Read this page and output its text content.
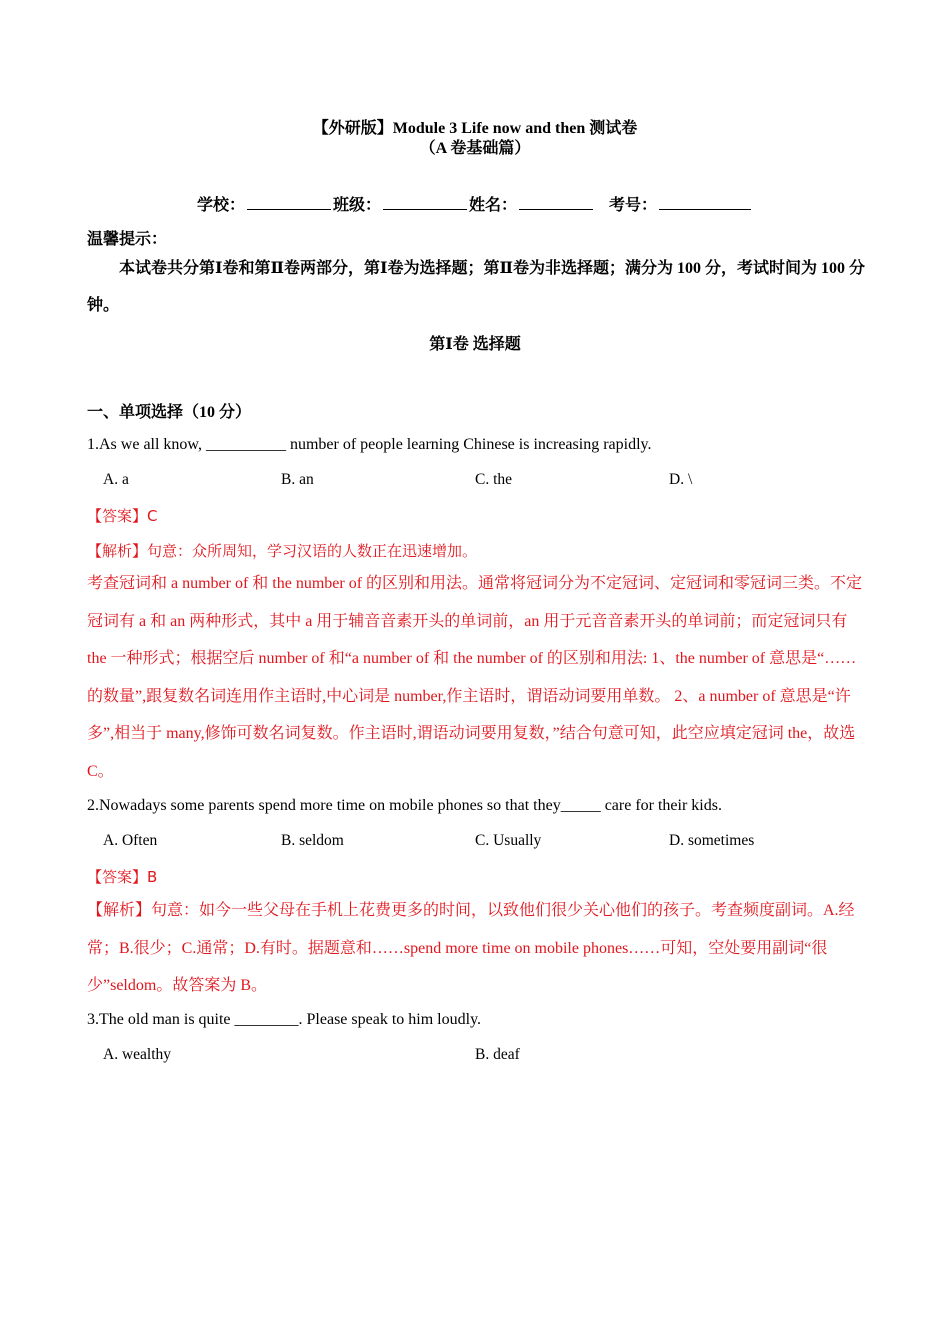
【外研版】Module 3 Life now and then 测试卷
（A 卷基础篇）
学校：	班级：	姓名：	考号：
温馨提示：
本试卷共分第Ⅰ卷和第Ⅱ卷两部分，第Ⅰ卷为选择题；第Ⅱ卷为非选择题；满分为 100 分，考试时间为 100 分钟。
第Ⅰ卷 选择题
一、单项选择（10 分）
1.As we all know, __________ number of people learning Chinese is increasing rapidly.
A. a	B. an	C. the	D. \
【答案】C
【解析】句意：众所周知，学习汉语的人数正在迅速增加。
考查冠词和 a number of 和 the number of 的区别和用法。通常将冠词分为不定冠词、定冠词和零冠词三类。不定冠词有 a 和 an 两种形式，其中 a 用于辅音音素开头的单词前，an 用于元音音素开头的单词前；而定冠词只有 the 一种形式；根据空后 number of 和“a number of 和 the number of 的区别和用法: 1、the number of 意思是“……的数量”,跟复数名词连用作主语时,中心词是 number,作主语时，谓语动词要用单数。 2、a number of 意思是“许多”,相当于 many,修饰可数名词复数。作主语时,谓语动词要用复数，”结合句意可知，此空应填定冠词 the，故选 C。
2.Nowadays some parents spend more time on mobile phones so that they_____ care for their kids.
A. Often	B. seldom	C. Usually	D. sometimes
【答案】B
【解析】句意：如今一些父母在手机上花费更多的时间，以致他们很少关心他们的孩子。考查频度副词。A.经常；B.很少；C.通常；D.有时。据题意和……spend more time on mobile phones……可知，空处要用副词“很少”seldom。故答案为 B。
3.The old man is quite ________. Please speak to him loudly.
A. wealthy	B. deaf
